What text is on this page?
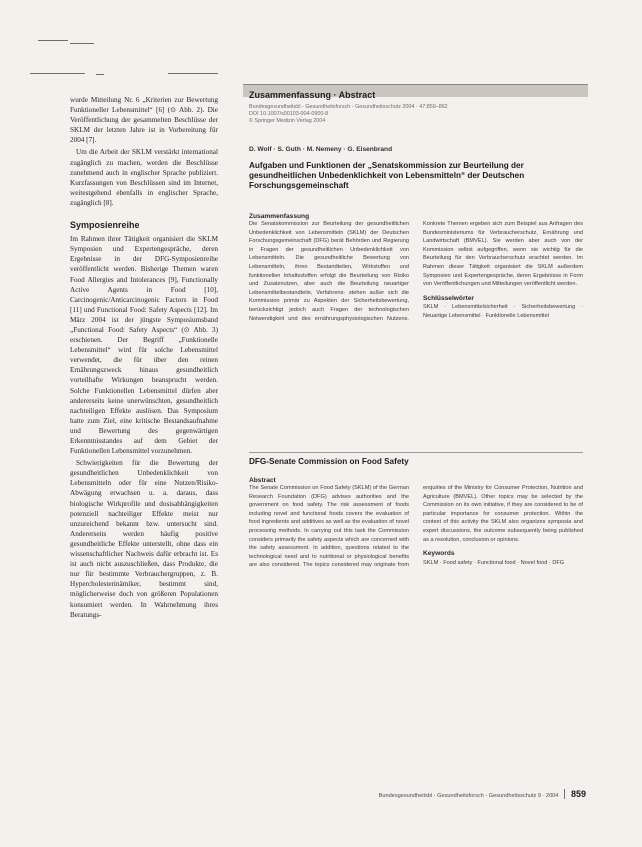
wurde Mitteilung Nr. 6 „Kriterien zur Bewertung Funktioneller Lebensmittel“ [6] (⊙ Abb. 2). Die Veröffentlichung der gesammelten Beschlüsse der SKLM der letzten Jahre ist in Vorbereitung für 2004 [7].

Um die Arbeit der SKLM verstärkt international zugänglich zu machen, werden die Beschlüsse zunehmend auch in englischer Sprache publiziert. Kurzfassungen von Beschlüssen sind im Internet, weitestgehend ebenfalls in englischer Sprache, zugänglich [8].

Symposienreihe

Im Rahmen ihrer Tätigkeit organisiert die SKLM Symposien und Expertengespräche, deren Ergebnisse in der DFG-Symposienreihe veröffentlicht werden. Bisherige Themen waren Food Allergies and Intolerances [9], Functionally Active Agents in Food [10], Carcinogenic/Anticarcinogenic Factors in Food [11] und Functional Food: Safety Aspects [12]. Im März 2004 ist der jüngste Symposiumsband „Functional Food: Safety Aspects“ (⊙ Abb. 3) erschienen. Der Begriff „Funktionelle Lebensmittel“ wird für solche Lebensmittel verwendet, die für über den reinen Ernährungszweck hinaus gesundheitlich vorteilhafte Wirkungen beansprucht werden. Solche Funktionellen Lebensmittel dürfen aber andererseits keine unerwünschten, gesundheitlich nachteiligen Effekte auslösen. Das Symposium hatte zum Ziel, eine kritische Bestandsaufnahme und Bewertung des gegenwärtigen Erkenntnisstandes auf dem Gebiet der Funktionellen Lebensmittel vorzunehmen.

Schwierigkeiten für die Bewertung der gesundheitlichen Unbedenklichkeit von Lebensmitteln oder für eine Nutzen/Risiko-Abwägung erwachsen u. a. daraus, dass biologische Wirkprofile und dosisabhängigkeiten potenziell nachteiliger Effekte meist nur unzureichend bekannt bzw. untersucht sind. Andererseits werden häufig positive gesundheitliche Effekte unterstellt, ohne dass ein wissenschaftlicher Nachweis dafür erbracht ist. Es ist auch nicht auszuschließen, dass Produkte, die nur für bestimmte Verbrauchergruppen, z. B. Hypercholesterinämiker, bestimmt sind, möglicherweise doch von größeren Populationen konsumiert werden. In Wahrnehmung ihres Beratungs-

Zusammenfassung · Abstract
Bundesgesundheitsbl - Gesundheitsforsch - Gesundheitsschutz 2004 · 47:859–862
DOI 10.1007/s00103-004-0900-8
© Springer Medizin Verlag 2004
D. Wolf · S. Guth · M. Nemeny · G. Eisenbrand
Aufgaben und Funktionen der „Senatskommission zur Beurteilung der gesundheitlichen Unbedenklichkeit von Lebensmitteln“ der Deutschen Forschungsgemeinschaft
Zusammenfassung
Die Senatskommission zur Beurteilung der gesundheitlichen Unbedenklichkeit von Lebensmitteln (SKLM) der Deutschen Forschungsgemeinschaft (DFG) berät Behörden und Regierung in Fragen der gesundheitlichen Unbedenklichkeit von Lebensmitteln. Die gesundheitliche Bewertung von Lebensmitteln, ihren Bestandteilen, Wirkstoffen und funktionellen Inhaltsstoffen erfolgt die Beurteilung von Risiko und Zusatznutzen, aber auch die Beurteilung neuartiger Lebensmittelbestandteile, Verfahrens- stehen außer sich die Kommission primär zu Aspekten der Sicherheitsbewertung, berücksichtigt jedoch auch Fragen der technologischen Notwendigkeit und des ernährungsphysiologischen Nutzens. Konkrete Themen ergeben sich zum Beispiel aus Anfragen des Bundesministeriums für Verbraucherschutz, Ernährung und Landwirtschaft (BMVEL). Sie werden aber auch von der Kommission selbst aufgegriffen, wenn sie wichtig für die Beurteilung für den Verbraucherschutz erachtet werden. Im Rahmen dieser Tätigkeit organisiert die SKLM außerdem Symposien und Expertengespräche, deren Ergebnisse in Form von Veröffentlichungen und Mitteilungen veröffentlicht werden.
Schlüsselwörter
SKLM · Lebensmittelsicherheit · Sicherheitsbewertung · Neuartige Lebensmittel · Funktionelle Lebensmittel
DFG-Senate Commission on Food Safety
Abstract
The Senate Commission on Food Safety (SKLM) of the German Research Foundation (DFG) advises authorities and the government on food safety. The risk assessment of foods including novel and functional foods covers the evaluation of food ingredients and additives as well as the evaluation of novel processing methods. In carrying out this task the Commission considers primarily the safety aspects which are concerned with the safety assessment. In addition, questions related to the technological need and to nutritional or physiological benefits are also considered. The topics considered may originate from enquiries of the Ministry for Consumer Protection, Nutrition and Agriculture (BMVEL). Other topics may be selected by the Commission on its own initiative, if they are considered to be of particular importance for consumer protection. Within the context of this activity the SKLM also organizes symposia and expert discussions, the outcome subsequently being published as a resolution, conclusion or opinions.
Keywords
SKLM · Food safety · Functional food · Novel food · DFG
Bundesgesundheitsbl - Gesundheitsforsch - Gesundheitsschutz 9 · 2004 859
